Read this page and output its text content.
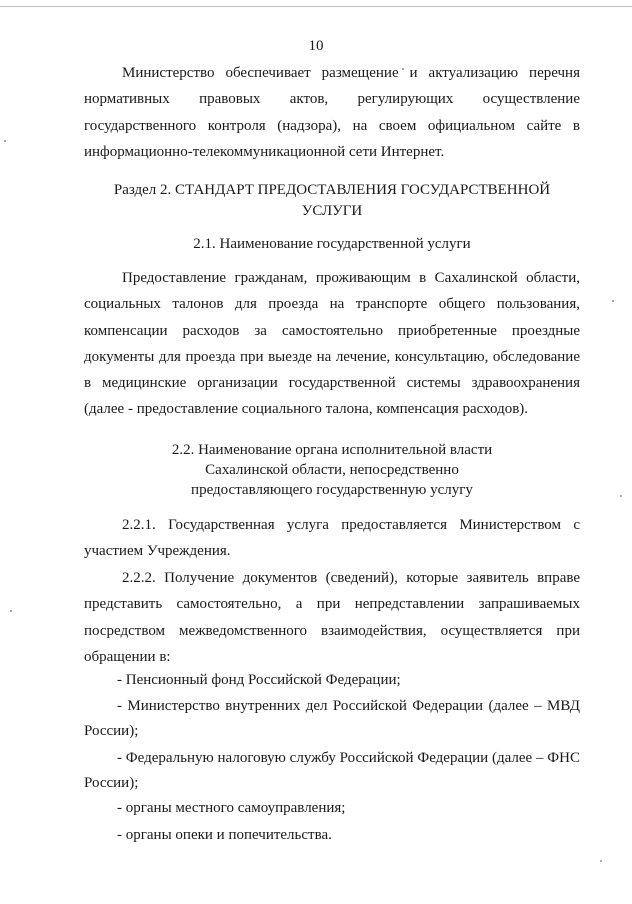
10
Министерство обеспечивает размещение и актуализацию перечня нормативных правовых актов, регулирующих осуществление государственного контроля (надзора), на своем официальном сайте в информационно-телекоммуникационной сети Интернет.
Раздел 2. СТАНДАРТ ПРЕДОСТАВЛЕНИЯ ГОСУДАРСТВЕННОЙ УСЛУГИ
2.1. Наименование государственной услуги
Предоставление гражданам, проживающим в Сахалинской области, социальных талонов для проезда на транспорте общего пользования, компенсации расходов за самостоятельно приобретенные проездные документы для проезда при выезде на лечение, консультацию, обследование в медицинские организации государственной системы здравоохранения (далее - предоставление социального талона, компенсация расходов).
2.2. Наименование органа исполнительной власти
Сахалинской области, непосредственно
предоставляющего государственную услугу
2.2.1. Государственная услуга предоставляется Министерством с участием Учреждения.
2.2.2. Получение документов (сведений), которые заявитель вправе представить самостоятельно, а при непредставлении запрашиваемых посредством межведомственного взаимодействия, осуществляется при обращении в:
- Пенсионный фонд Российской Федерации;
- Министерство внутренних дел Российской Федерации (далее – МВД России);
- Федеральную налоговую службу Российской Федерации (далее – ФНС России);
- органы местного самоуправления;
- органы опеки и попечительства.
